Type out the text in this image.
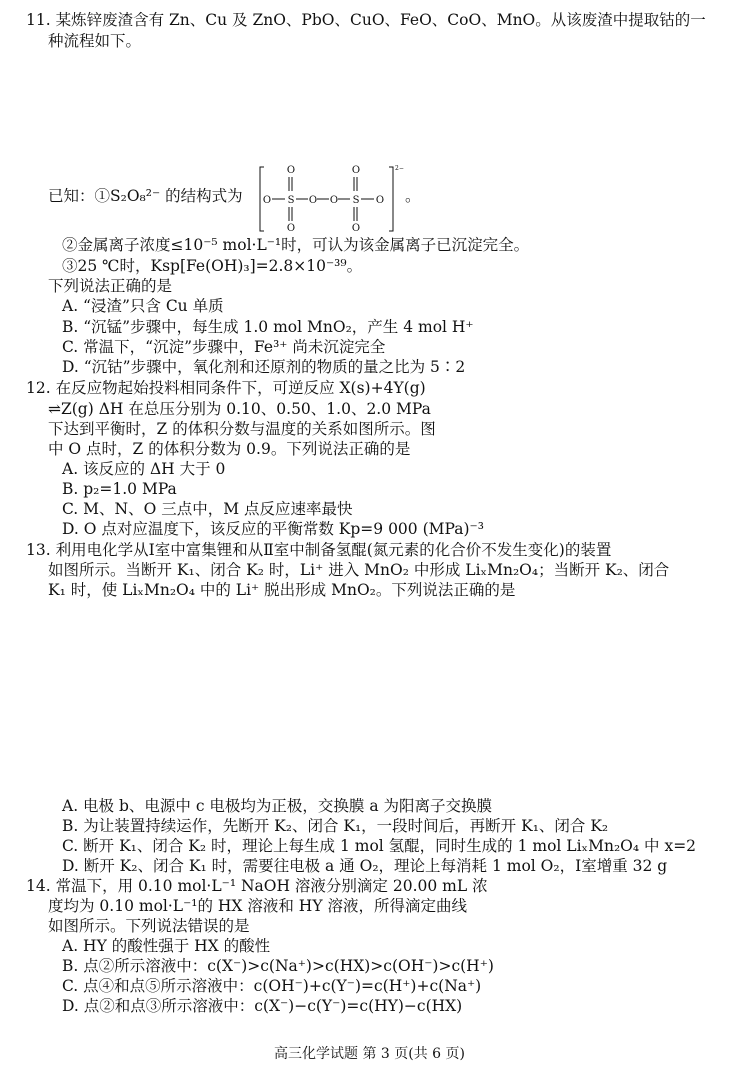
11. 某炼锌废渣含有 Zn、Cu 及 ZnO、PbO、CuO、FeO、CoO、MnO。从该废渣中提取钴的一
种流程如下。
已知：①S₂O₈²⁻ 的结构式为 O
O
S
O
O O
O
S
O
O
2−
。
②金属离子浓度≤10⁻⁵ mol·L⁻¹时，可认为该金属离子已沉淀完全。
③25 ℃时，Ksp[Fe(OH)₃]=2.8×10⁻³⁹。
下列说法正确的是
A. “浸渣”只含 Cu 单质
B. “沉锰”步骤中，每生成 1.0 mol MnO₂，产生 4 mol H⁺
C. 常温下，“沉淀”步骤中，Fe³⁺ 尚未沉淀完全
D. “沉钴”步骤中，氧化剂和还原剂的物质的量之比为 5∶2
12. 在反应物起始投料相同条件下，可逆反应 X(s)+4Y(g)
⇌Z(g) ΔH 在总压分别为 0.10、0.50、1.0、2.0 MPa
下达到平衡时，Z 的体积分数与温度的关系如图所示。图
中 O 点时，Z 的体积分数为 0.9。下列说法正确的是
A. 该反应的 ΔH 大于 0
B. p₂=1.0 MPa
C. M、N、O 三点中，M 点反应速率最快
D. O 点对应温度下，该反应的平衡常数 Kp=9 000 (MPa)⁻³
13. 利用电化学从Ⅰ室中富集锂和从Ⅱ室中制备氢醌(氮元素的化合价不发生变化)的装置
如图所示。当断开 K₁、闭合 K₂ 时，Li⁺ 进入 MnO₂ 中形成 LiₓMn₂O₄；当断开 K₂、闭合
K₁ 时，使 LiₓMn₂O₄ 中的 Li⁺ 脱出形成 MnO₂。下列说法正确的是
A. 电极 b、电源中 c 电极均为正极，交换膜 a 为阳离子交换膜
B. 为让装置持续运作，先断开 K₂、闭合 K₁，一段时间后，再断开 K₁、闭合 K₂
C. 断开 K₁、闭合 K₂ 时，理论上每生成 1 mol 氢醌，同时生成的 1 mol LiₓMn₂O₄ 中 x=2
D. 断开 K₂、闭合 K₁ 时，需要往电极 a 通 O₂，理论上每消耗 1 mol O₂，Ⅰ室增重 32 g
14. 常温下，用 0.10 mol·L⁻¹ NaOH 溶液分别滴定 20.00 mL 浓
度均为 0.10 mol·L⁻¹的 HX 溶液和 HY 溶液，所得滴定曲线
如图所示。下列说法错误的是
A. HY 的酸性强于 HX 的酸性
B. 点②所示溶液中：c(X⁻)>c(Na⁺)>c(HX)>c(OH⁻)>c(H⁺)
C. 点④和点⑤所示溶液中：c(OH⁻)+c(Y⁻)=c(H⁺)+c(Na⁺)
D. 点②和点③所示溶液中：c(X⁻)−c(Y⁻)=c(HY)−c(HX)
高三化学试题 第 3 页(共 6 页)
